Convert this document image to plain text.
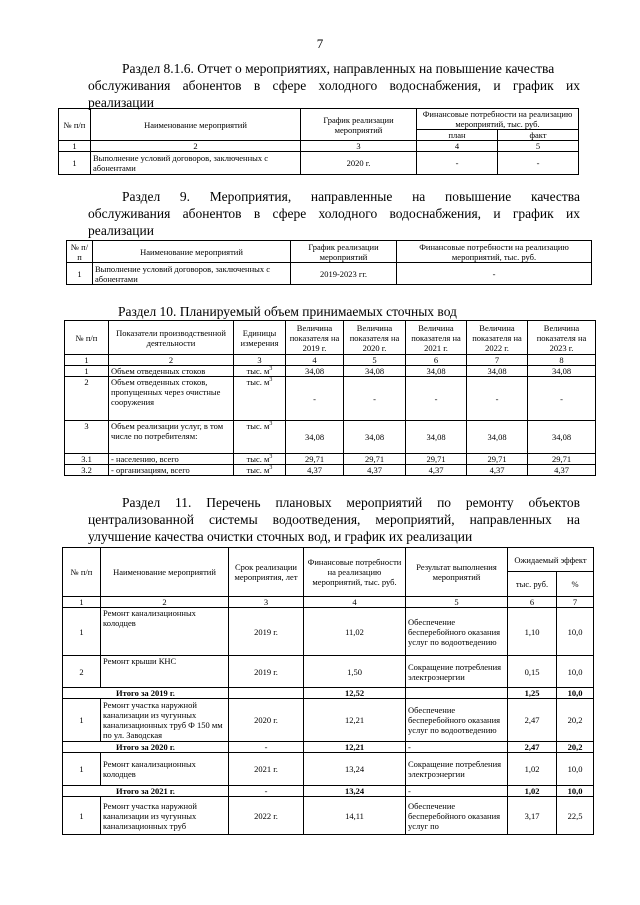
7
Раздел 8.1.6. Отчет о мероприятиях, направленных на повышение качества
обслуживания абонентов в сфере холодного водоснабжения, и график их
реализации
№ п/п	Наименование мероприятий	График реализации мероприятий	Финансовые потребности на реализацию мероприятий, тыс. руб.	
			план	факт
1	2	3	4	5
1	Выполнение условий договоров, заключенных с абонентами	2020 г.	-	-
Раздел 9. Мероприятия, направленные на повышение качества
обслуживания абонентов в сфере холодного водоснабжения, и график их
реализации
№ п/п	Наименование мероприятий	График реализации мероприятий	Финансовые потребности на реализацию мероприятий, тыс. руб.
1	Выполнение условий договоров, заключенных с абонентами	2019-2023 гг.	-
Раздел 10. Планируемый объем принимаемых сточных вод
№ п/п	Показатели производственной деятельности	Единицы измерения	Величина показателя на 2019 г.	Величина показателя на 2020 г.	Величина показателя на 2021 г.	Величина показателя на 2022 г.	Величина показателя на 2023 г.
1	2	3	4	5	6	7	8
1	Объем отведенных стоков	тыс. $м^3$	34,08	34,08	34,08	34,08	34,08
2	Объем отведенных стоков, пропущенных через очистные сооружения	тыс. $м^3$	-	-	-	-	-
3	Объем реализации услуг, в том числе по потребителям:	тыс. $м^3$	34,08	34,08	34,08	34,08	34,08
3.1	- населению, всего	тыс. $м^3$	29,71	29,71	29,71	29,71	29,71
3.2	- организациям, всего	тыс. $м^3$	4,37	4,37	4,37	4,37	4,37
Раздел 11. Перечень плановых мероприятий по ремонту объектов
централизованной системы водоотведения, мероприятий, направленных на
улучшение качества очистки сточных вод, и график их реализации
№ п/п	Наименование мероприятий	Срок реализации мероприятия, лет	Финансовые потребности на реализацию мероприятий, тыс. руб.	Результат выполнения мероприятий	Ожидаемый эффект	
					тыс. руб.	%
1	2	3	4	5	6	7
1	Ремонт канализационных колодцев	2019 г.	11,02	Обеспечение бесперебойного оказания услуг по водоотведению	1,10	10,0
2	Ремонт крыши КНС	2019 г.	1,50	Сокращение потребления электроэнергии	0,15	10,0
Итого за 2019 г.			12,52		1,25	10,0
1	Ремонт участка наружной канализации из чугунных канализационных труб Ф 150 мм по ул. Заводская	2020 г.	12,21	Обеспечение бесперебойного оказания услуг по водоотведению	2,47	20,2
Итого за 2020 г.		-	12,21	-	2,47	20,2
1	Ремонт канализационных колодцев	2021 г.	13,24	Сокращение потребления электроэнергии	1,02	10,0
Итого за 2021 г.		-	13,24	-	1,02	10,0
1	Ремонт участка наружной канализации из чугунных канализационных труб	2022 г.	14,11	Обеспечение бесперебойного оказания услуг по	3,17	22,5
